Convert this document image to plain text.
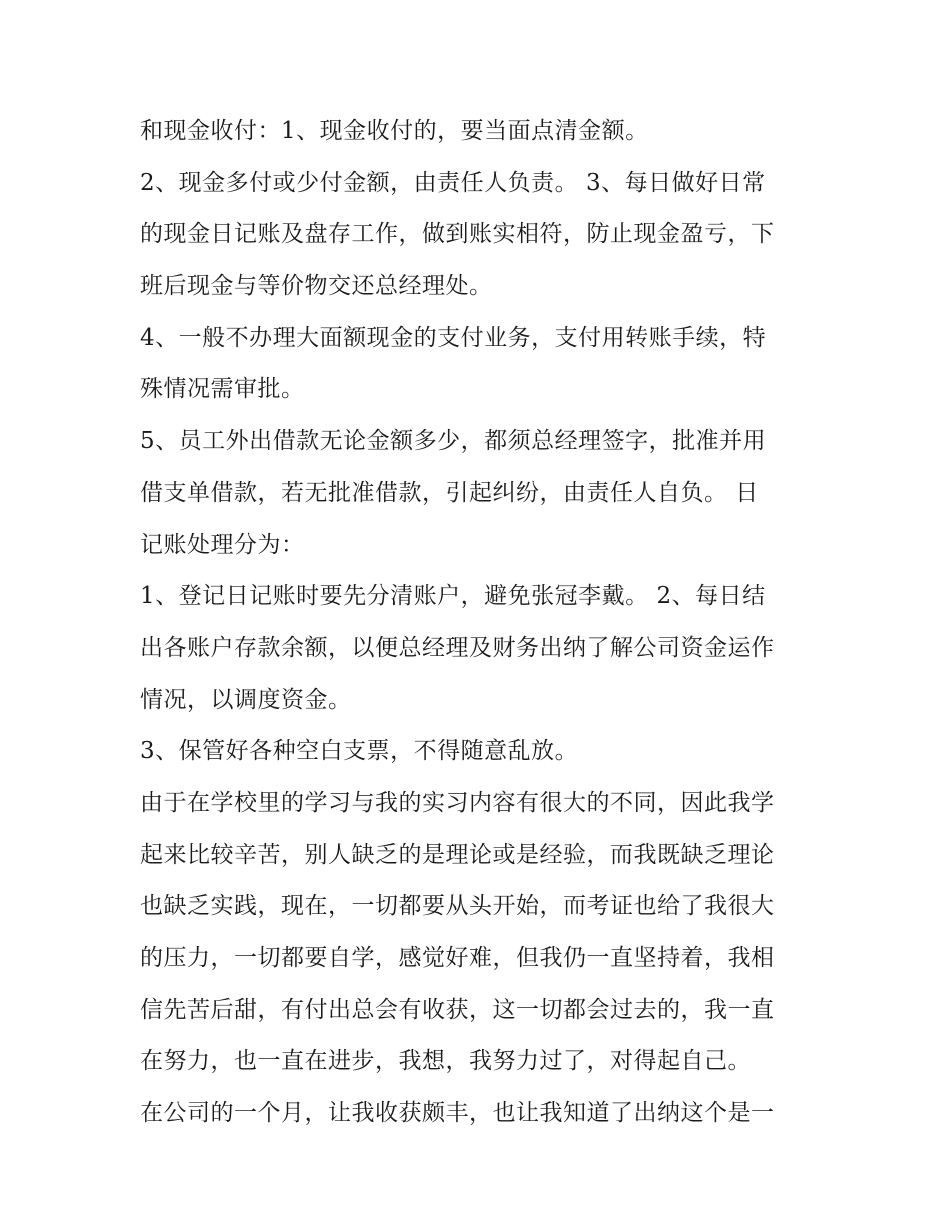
和现金收付：1、现金收付的，要当面点清金额。
2、现金多付或少付金额，由责任人负责。 3、每日做好日常
的现金日记账及盘存工作，做到账实相符，防止现金盈亏，下
班后现金与等价物交还总经理处。
4、一般不办理大面额现金的支付业务，支付用转账手续，特
殊情况需审批。
5、员工外出借款无论金额多少，都须总经理签字，批准并用
借支单借款，若无批准借款，引起纠纷，由责任人自负。 日
记账处理分为：
1、登记日记账时要先分清账户，避免张冠李戴。 2、每日结
出各账户存款余额，以便总经理及财务出纳了解公司资金运作
情况，以调度资金。
3、保管好各种空白支票，不得随意乱放。
由于在学校里的学习与我的实习内容有很大的不同，因此我学
起来比较辛苦，别人缺乏的是理论或是经验，而我既缺乏理论
也缺乏实践，现在，一切都要从头开始，而考证也给了我很大
的压力，一切都要自学，感觉好难，但我仍一直坚持着，我相
信先苦后甜，有付出总会有收获，这一切都会过去的，我一直
在努力，也一直在进步，我想，我努力过了，对得起自己。
在公司的一个月，让我收获颇丰，也让我知道了出纳这个是一
